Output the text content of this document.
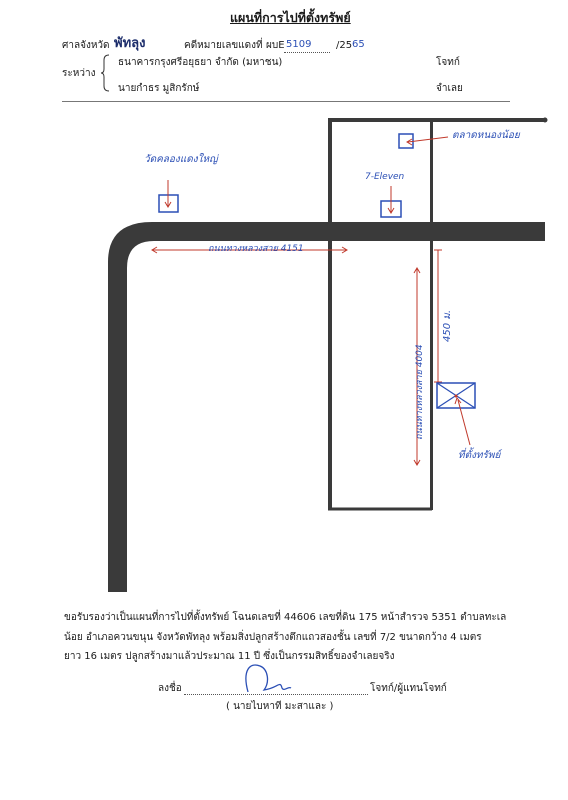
แผนที่การไปที่ตั้งทรัพย์
ศาลจังหวัด พัทลุง	คดีหมายเลขแดงที่ ผบE 5109 /25 65
ระหว่าง
ธนาคารกรุงศรีอยุธยา จำกัด (มหาชน)	โจทก์
นายกำธร มูสิกรักษ์	จำเลย
วัดคลองแดงใหญ่
7-Eleven
ตลาดหนองน้อย
ถนนทางหลวงสาย 4151
ถนนทางหลวงสาย 4004
450 ม.
ที่ตั้งทรัพย์
ขอรับรองว่าเป็นแผนที่การไปที่ตั้งทรัพย์ โฉนดเลขที่ 44606 เลขที่ดิน 175 หน้าสำรวจ 5351 ตำบลทะเล
น้อย อำเภอควนขนุน จังหวัดพัทลุง พร้อมสิ่งปลูกสร้างตึกแถวสองชั้น เลขที่ 7/2 ขนาดกว้าง 4 เมตร
ยาว 16 เมตร ปลูกสร้างมาแล้วประมาณ 11 ปี ซึ่งเป็นกรรมสิทธิ์ของจำเลยจริง
ลงชื่อ	โจทก์/ผู้แทนโจทก์
( นายไบหาที มะสาและ )
